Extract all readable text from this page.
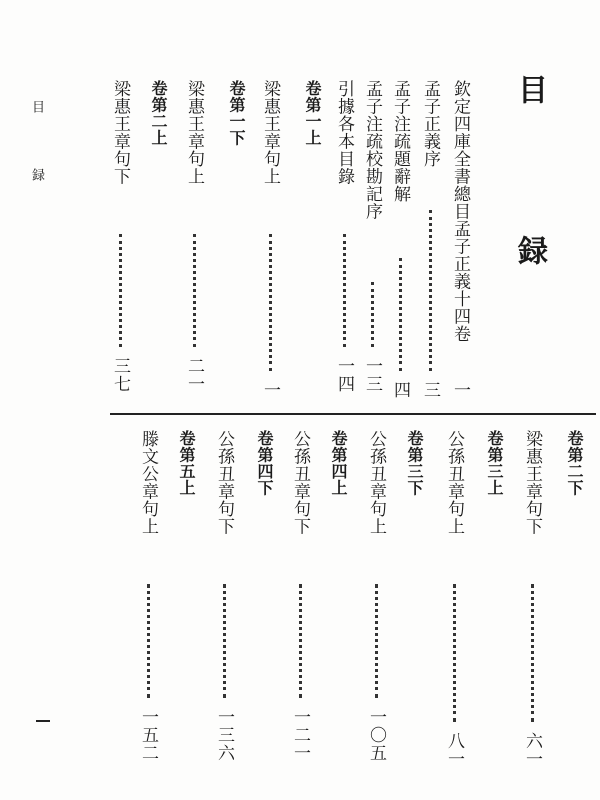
目 録	目 録
欽定四庫全書總目孟子正義十四卷
一
孟子正義序
三
孟子注疏題辭解
四
孟子注疏校勘記序
一三
引據各本目錄
一四
卷第一上
梁惠王章句上
一
卷第一下
梁惠王章句上
二一
卷第二上
梁惠王章句下
三七
卷第二下
梁惠王章句下
六一
卷第三上
公孫丑章句上
八一
卷第三下
公孫丑章句上
一〇五
卷第四上
公孫丑章句下
一二一
卷第四下
公孫丑章句下
一三六
卷第五上
滕文公章句上
一五二
